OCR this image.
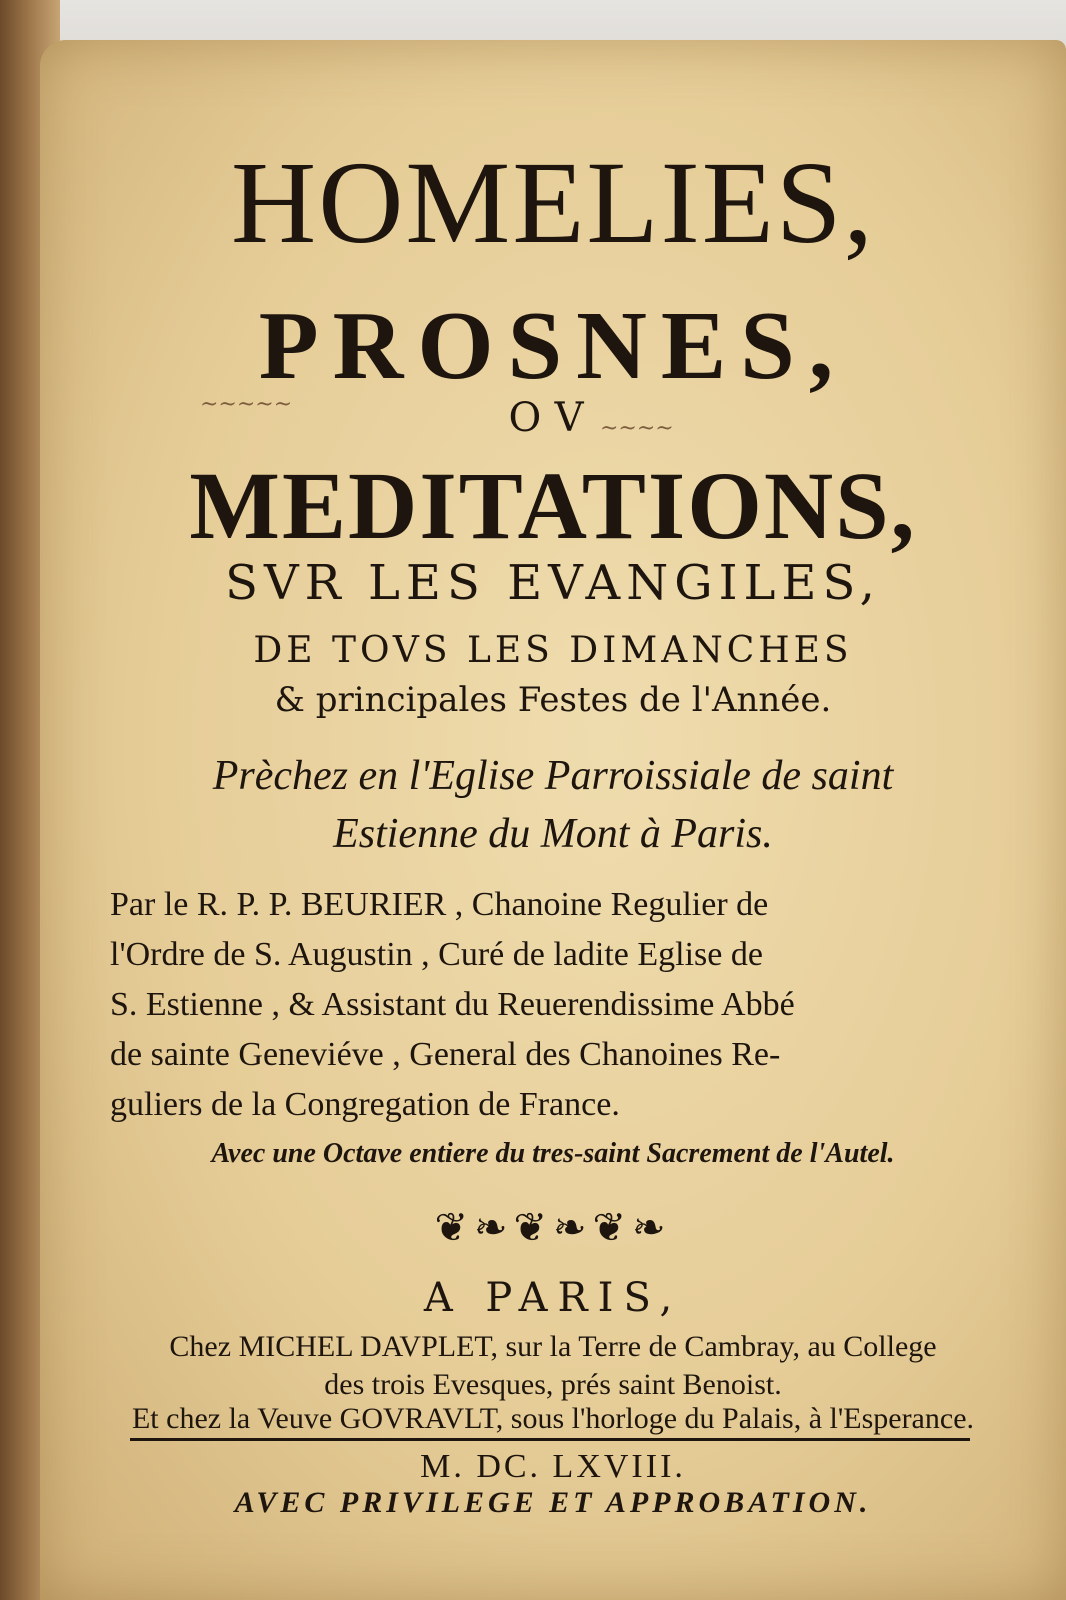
HOMELIES,
PROSNES,
OV
~~~~~
~~~~
MEDITATIONS,
SVR LES EVANGILES,
DE TOVS LES DIMANCHES
& principales Festes de l'Année.
Prèchez en l'Eglise Parroissiale de saint
Estienne du Mont à Paris.
Par le R. P. P. BEURIER , Chanoine Regulier de
l'Ordre de S. Augustin , Curé de ladite Eglise de
S. Estienne , & Assistant du Reuerendissime Abbé
de sainte Geneviéve , General des Chanoines Re-
guliers de la Congregation de France.
Avec une Octave entiere du tres-saint Sacrement de l'Autel.
❦❧❦❧❦❧
A PARIS,
Chez MICHEL DAVPLET, sur la Terre de Cambray, au College
des trois Evesques, prés saint Benoist.
Et chez la Veuve GOVRAVLT, sous l'horloge du Palais, à l'Esperance.
M. DC. LXVIII.
AVEC PRIVILEGE ET APPROBATION.
